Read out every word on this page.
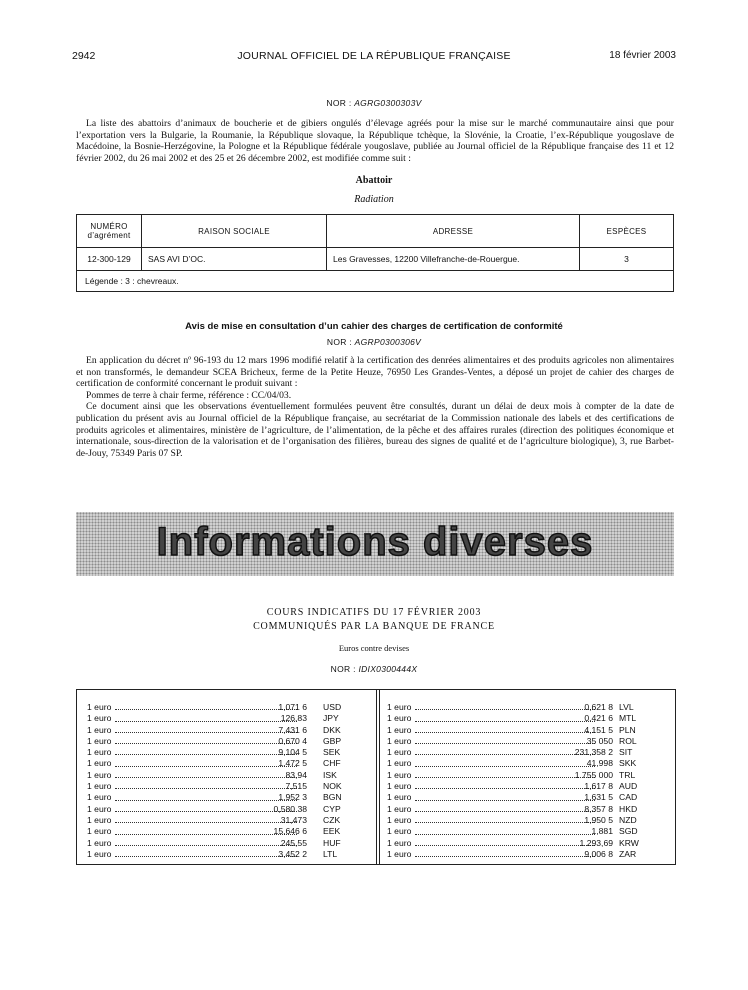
2942	JOURNAL OFFICIEL DE LA RÉPUBLIQUE FRANÇAISE	18 février 2003
NOR : AGRG0300303V

La liste des abattoirs d’animaux de boucherie et de gibiers ongulés d’élevage agréés pour la mise sur le marché communautaire ainsi que pour l’exportation vers la Bulgarie, la Roumanie, la République slovaque, la République tchèque, la Slovénie, la Croatie, l’ex-République yougoslave de Macédoine, la Bosnie-Herzégovine, la Pologne et la République fédérale yougoslave, publiée au Journal officiel de la République française des 11 et 12 février 2002, du 26 mai 2002 et des 25 et 26 décembre 2002, est modifiée comme suit :

Abattoir
Radiation
NUMÉRO d’agrément	RAISON SOCIALE	ADRESSE	ESPÈCES
12-300-129	SAS AVI D’OC.	Les Gravesses, 12200 Villefranche-de-Rouergue.	3
Légende : 3 : chevreaux.			
Avis de mise en consultation d’un cahier des charges de certification de conformité
NOR : AGRP0300306V

En application du décret nº 96-193 du 12 mars 1996 modifié relatif à la certification des denrées alimentaires et des produits agricoles non alimentaires et non transformés, le demandeur SCEA Bricheux, ferme de la Petite Heuze, 76950 Les Grandes-Ventes, a déposé un projet de cahier des charges de certification de conformité concernant le produit suivant :

Pommes de terre à chair ferme, référence : CC/04/03.

Ce document ainsi que les observations éventuellement formulées peuvent être consultés, durant un délai de deux mois à compter de la date de publication du présent avis au Journal officiel de la République française, au secrétariat de la Commission nationale des labels et des certifications de produits agricoles et alimentaires, ministère de l’agriculture, de l’alimentation, de la pêche et des affaires rurales (direction des politiques économique et internationale, sous-direction de la valorisation et de l’organisation des filières, bureau des signes de qualité et de l’agriculture biologique), 3, rue Barbet-de-Jouy, 75349 Paris 07 SP.

Informations diverses
COURS INDICATIFS DU 17 FÉVRIER 2003
COMMUNIQUÉS PAR LA BANQUE DE FRANCE
Euros contre devises
NOR : IDIX0300444X
1 euro	1,071 6 USD
1 euro	126,83 JPY
1 euro	7,431 6 DKK
1 euro	0,670 4 GBP
1 euro	9,104 5 SEK
1 euro	1,472 5 CHF
1 euro	83,94 ISK
1 euro	7,515 NOK
1 euro	1,952 3 BGN
1 euro	0,580 38 CYP
1 euro	31,473 CZK
1 euro	15,646 6 EEK
1 euro	245,55 HUF
1 euro	3,452 2 LTL
1 euro	0,621 8 LVL
1 euro	0,421 6 MTL
1 euro	4,151 5 PLN
1 euro	35 050 ROL
1 euro	231,358 2 SIT
1 euro	41,998 SKK
1 euro	1 755 000 TRL
1 euro	1,617 8 AUD
1 euro	1,631 5 CAD
1 euro	8,357 8 HKD
1 euro	1,950 5 NZD
1 euro	1,881 SGD
1 euro	1 293,69 KRW
1 euro	9,006 8 ZAR
